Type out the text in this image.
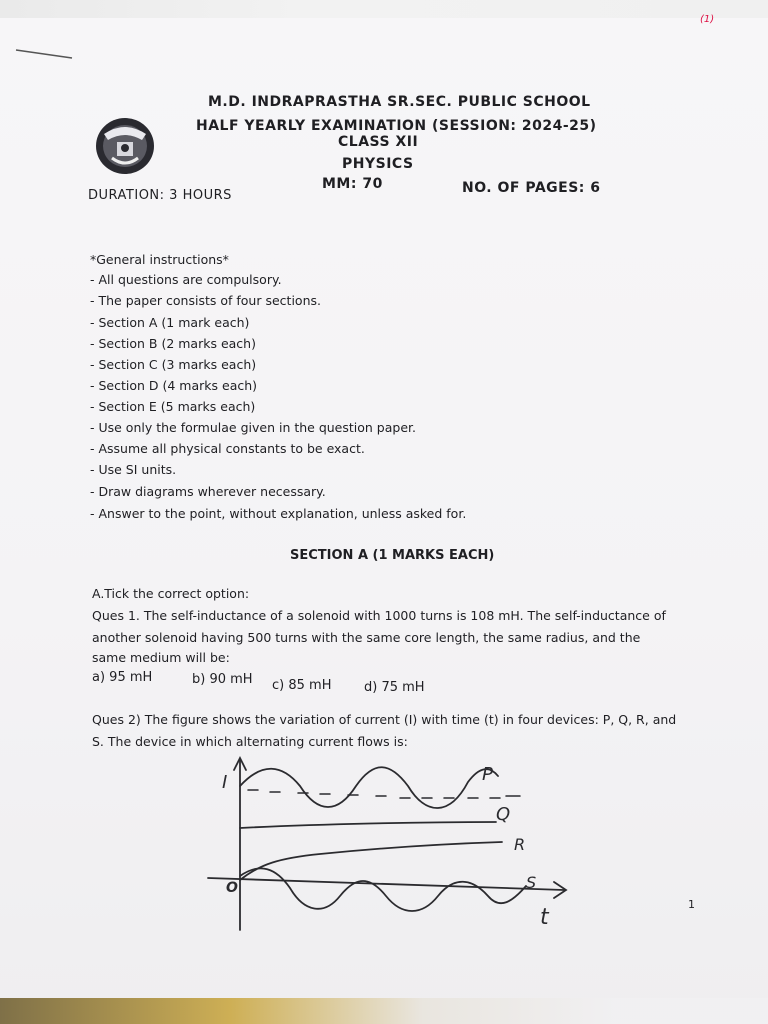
(1)
M.D. INDRAPRASTHA SR.SEC. PUBLIC SCHOOL
HALF YEARLY EXAMINATION (SESSION: 2024-25)
CLASS XII
PHYSICS
DURATION: 3 HOURS
MM: 70	NO. OF PAGES: 6
*General instructions*
- All questions are compulsory.
- The paper consists of four sections.
- Section A (1 mark each)
- Section B (2 marks each)
- Section C (3 marks each)
- Section D (4 marks each)
- Section E (5 marks each)
- Use only the formulae given in the question paper.
- Assume all physical constants to be exact.
- Use SI units.
- Draw diagrams wherever necessary.
- Answer to the point, without explanation, unless asked for.
SECTION A (1 MARKS EACH)
A.Tick the correct option:
Ques 1. The self-inductance of a solenoid with 1000 turns is 108 mH. The self-inductance of
another solenoid having 500 turns with the same core length, the same radius, and the
same medium will be:
a) 95 mH	b) 90 mH c) 85 mH	d) 75 mH
Ques 2) The figure shows the variation of current (I) with time (t) in four devices: P, Q, R, and
S. The device in which alternating current flows is:
I
O
t
P
Q
R
S
1
